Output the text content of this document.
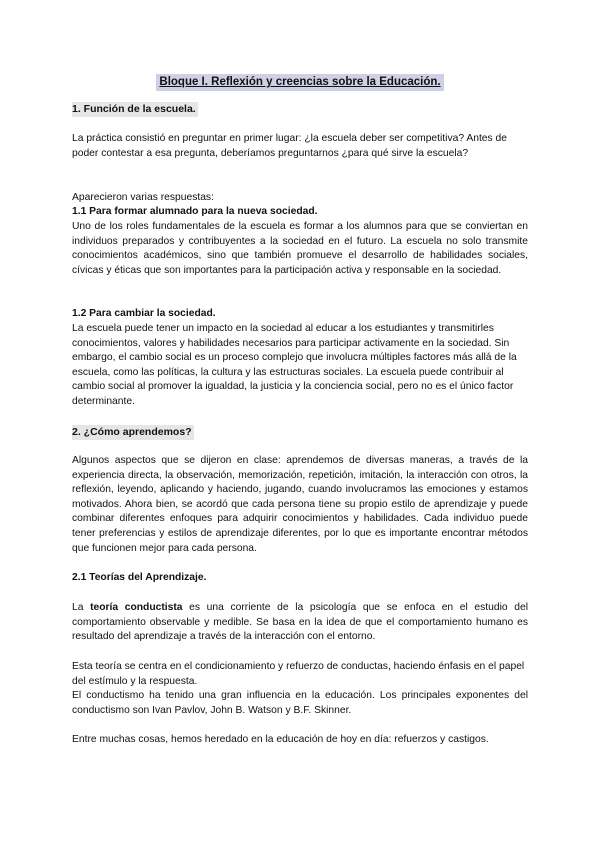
Bloque I. Reflexión y creencias sobre la Educación.
1. Función de la escuela.

La práctica consistió en preguntar en primer lugar: ¿la escuela deber ser competitiva? Antes de poder contestar a esa pregunta, deberíamos preguntarnos ¿para qué sirve la escuela?

Aparecieron varias respuestas:

1.1 Para formar alumnado para la nueva sociedad.

Uno de los roles fundamentales de la escuela es formar a los alumnos para que se conviertan en individuos preparados y contribuyentes a la sociedad en el futuro. La escuela no solo transmite conocimientos académicos, sino que también promueve el desarrollo de habilidades sociales, cívicas y éticas que son importantes para la participación activa y responsable en la sociedad.

1.2 Para cambiar la sociedad.

La escuela puede tener un impacto en la sociedad al educar a los estudiantes y transmitirles conocimientos, valores y habilidades necesarios para participar activamente en la sociedad. Sin embargo, el cambio social es un proceso complejo que involucra múltiples factores más allá de la escuela, como las políticas, la cultura y las estructuras sociales. La escuela puede contribuir al cambio social al promover la igualdad, la justicia y la conciencia social, pero no es el único factor determinante.

2. ¿Cómo aprendemos?

Algunos aspectos que se dijeron en clase: aprendemos de diversas maneras, a través de la experiencia directa, la observación, memorización, repetición, imitación, la interacción con otros, la reflexión, leyendo, aplicando y haciendo, jugando, cuando involucramos las emociones y estamos motivados. Ahora bien, se acordó que cada persona tiene su propio estilo de aprendizaje y puede combinar diferentes enfoques para adquirir conocimientos y habilidades. Cada individuo puede tener preferencias y estilos de aprendizaje diferentes, por lo que es importante encontrar métodos que funcionen mejor para cada persona.

2.1 Teorías del Aprendizaje.

La teoría conductista es una corriente de la psicología que se enfoca en el estudio del comportamiento observable y medible. Se basa en la idea de que el comportamiento humano es resultado del aprendizaje a través de la interacción con el entorno.

Esta teoría se centra en el condicionamiento y refuerzo de conductas, haciendo énfasis en el papel del estímulo y la respuesta.

El conductismo ha tenido una gran influencia en la educación. Los principales exponentes del conductismo son Ivan Pavlov, John B. Watson y B.F. Skinner.

Entre muchas cosas, hemos heredado en la educación de hoy en día: refuerzos y castigos.
